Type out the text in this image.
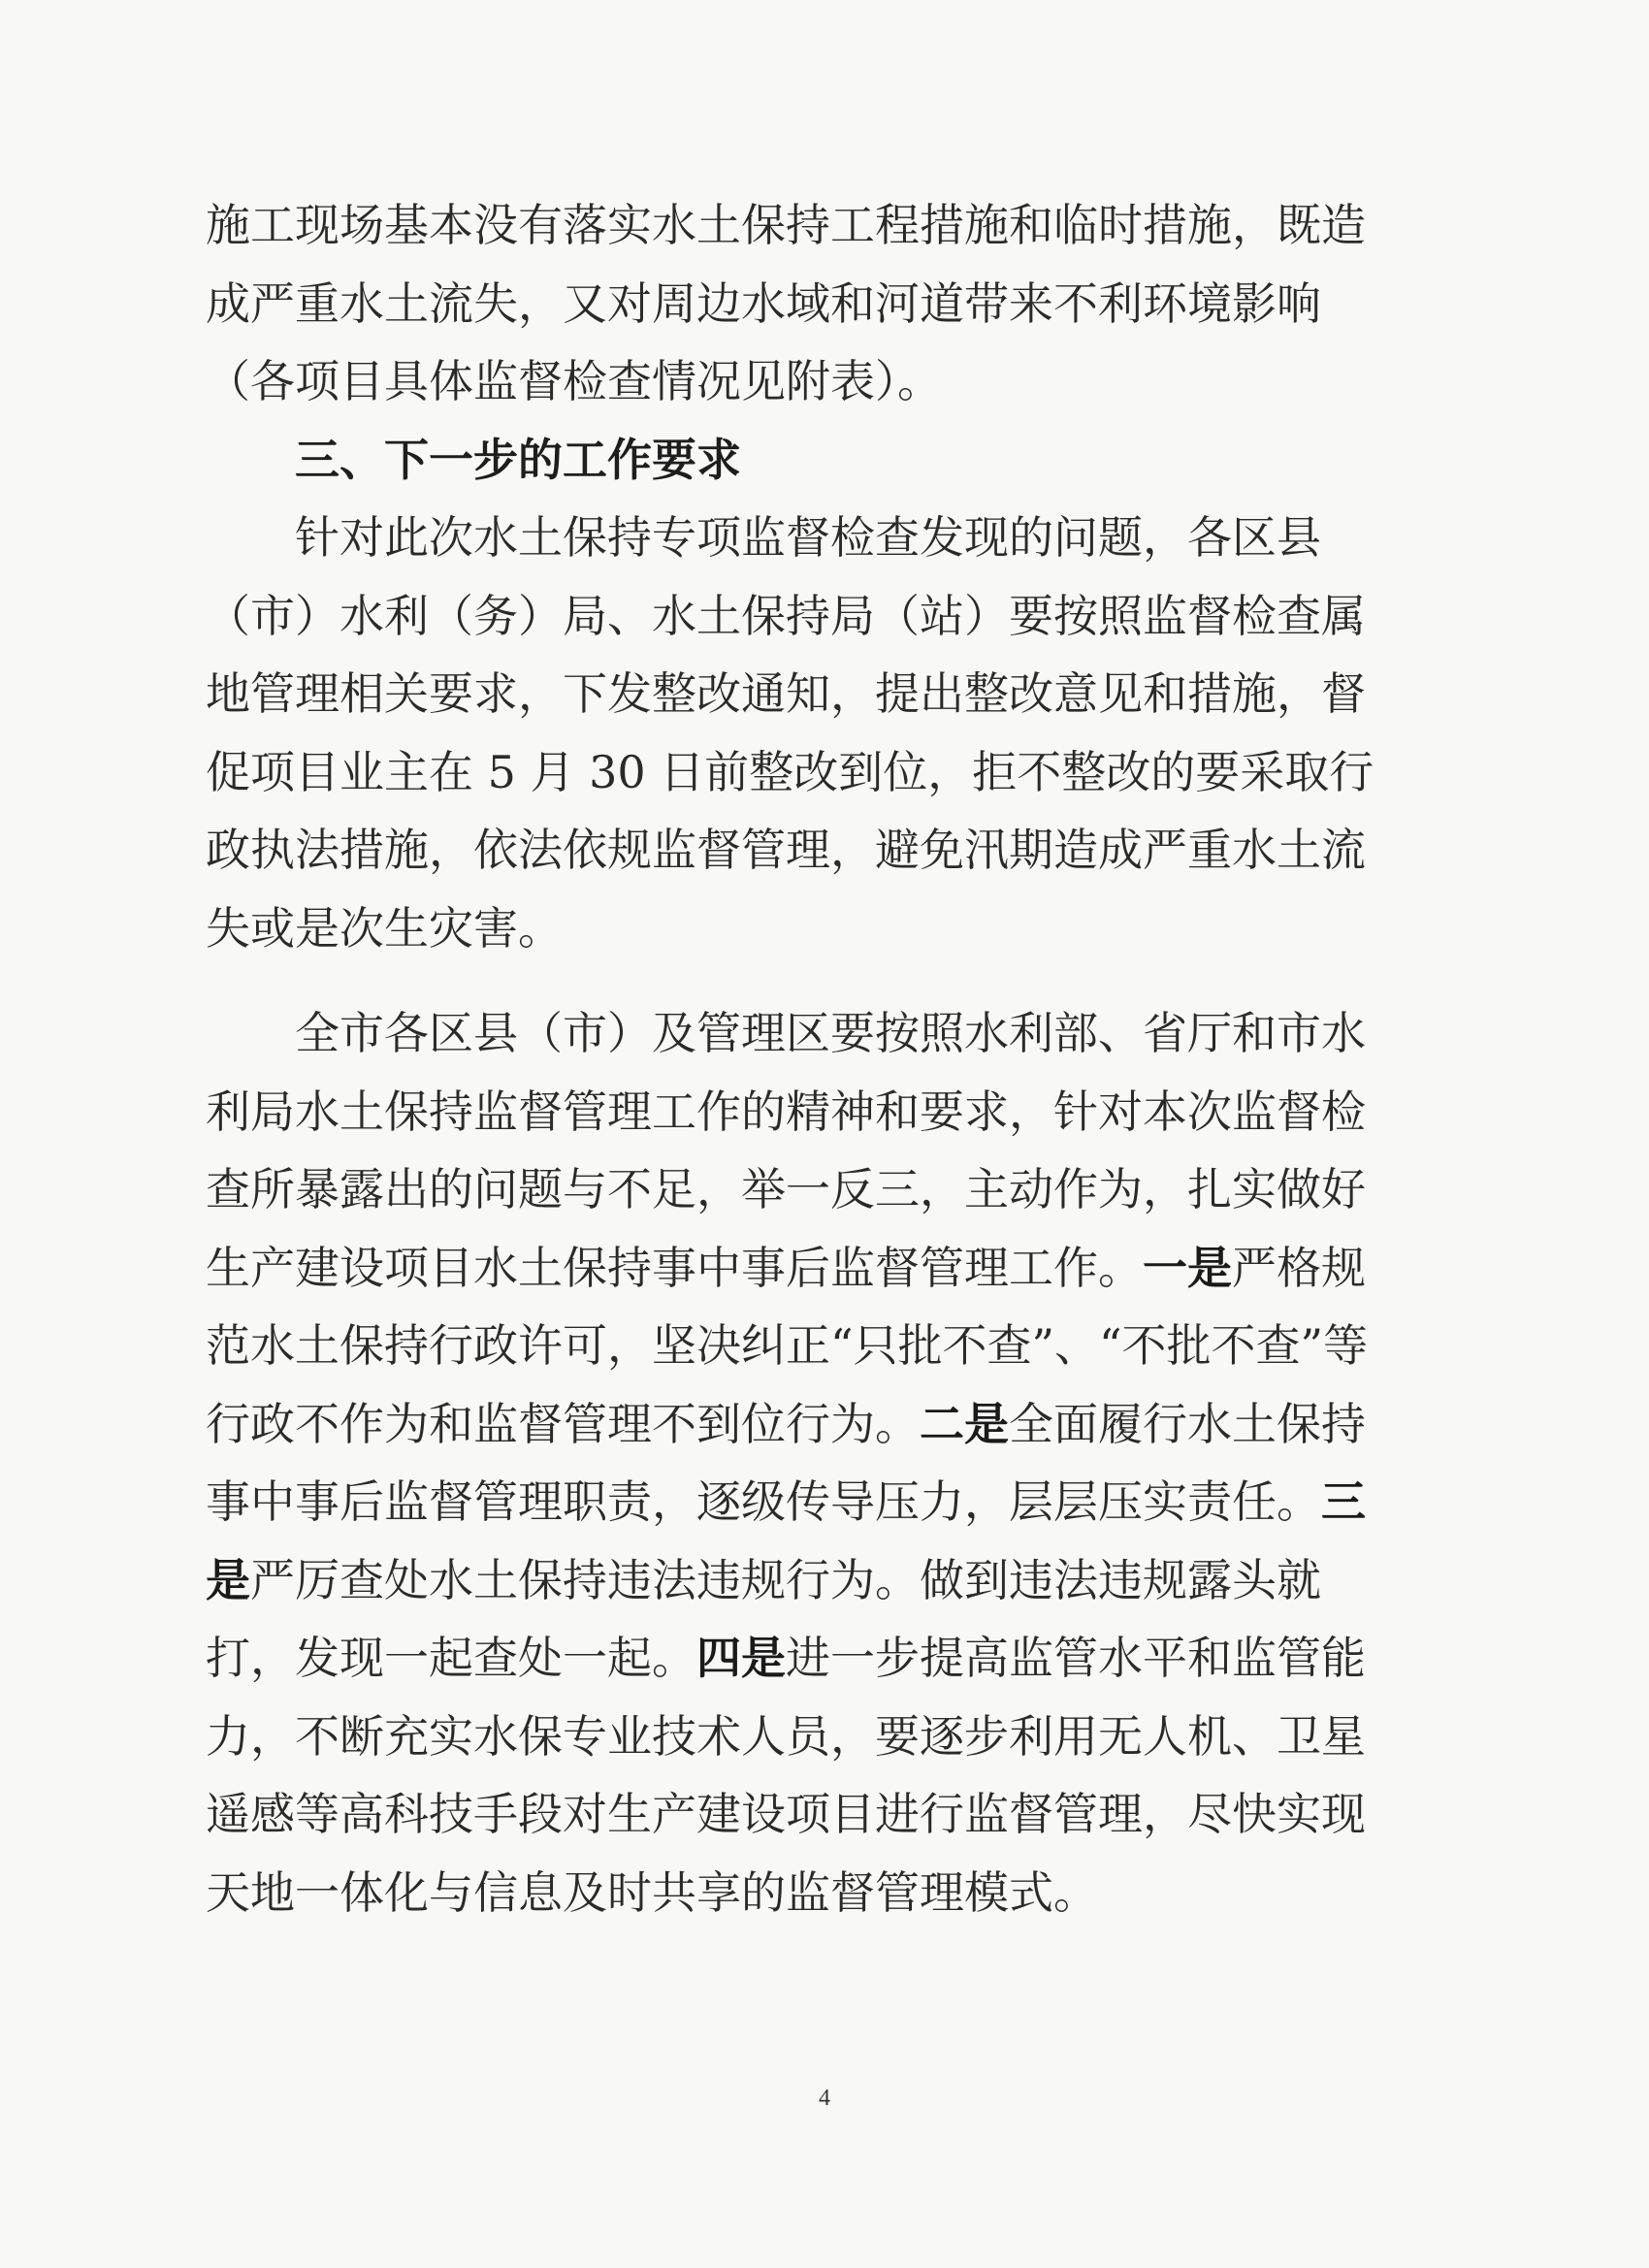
施工现场基本没有落实水土保持工程措施和临时措施，既造
成严重水土流失，又对周边水域和河道带来不利环境影响
（各项目具体监督检查情况见附表）。
三、下一步的工作要求
针对此次水土保持专项监督检查发现的问题，各区县
（市）水利（务）局、水土保持局（站）要按照监督检查属
地管理相关要求，下发整改通知，提出整改意见和措施，督
促项目业主在 5 月 30 日前整改到位，拒不整改的要采取行
政执法措施，依法依规监督管理，避免汛期造成严重水土流
失或是次生灾害。
全市各区县（市）及管理区要按照水利部、省厅和市水
利局水土保持监督管理工作的精神和要求，针对本次监督检
查所暴露出的问题与不足，举一反三，主动作为，扎实做好
生产建设项目水土保持事中事后监督管理工作。 一是 严格规
范水土保持行政许可，坚决纠正“只批不查”、“不批不查”等
行政不作为和监督管理不到位行为。 二是 全面履行水土保持
事中事后监督管理职责，逐级传导压力，层层压实责任。 三
是 严厉查处水土保持违法违规行为。做到违法违规露头就
打，发现一起查处一起。 四是 进一步提高监管水平和监管能
力，不断充实水保专业技术人员，要逐步利用无人机、卫星
遥感等高科技手段对生产建设项目进行监督管理，尽快实现
天地一体化与信息及时共享的监督管理模式。
4
